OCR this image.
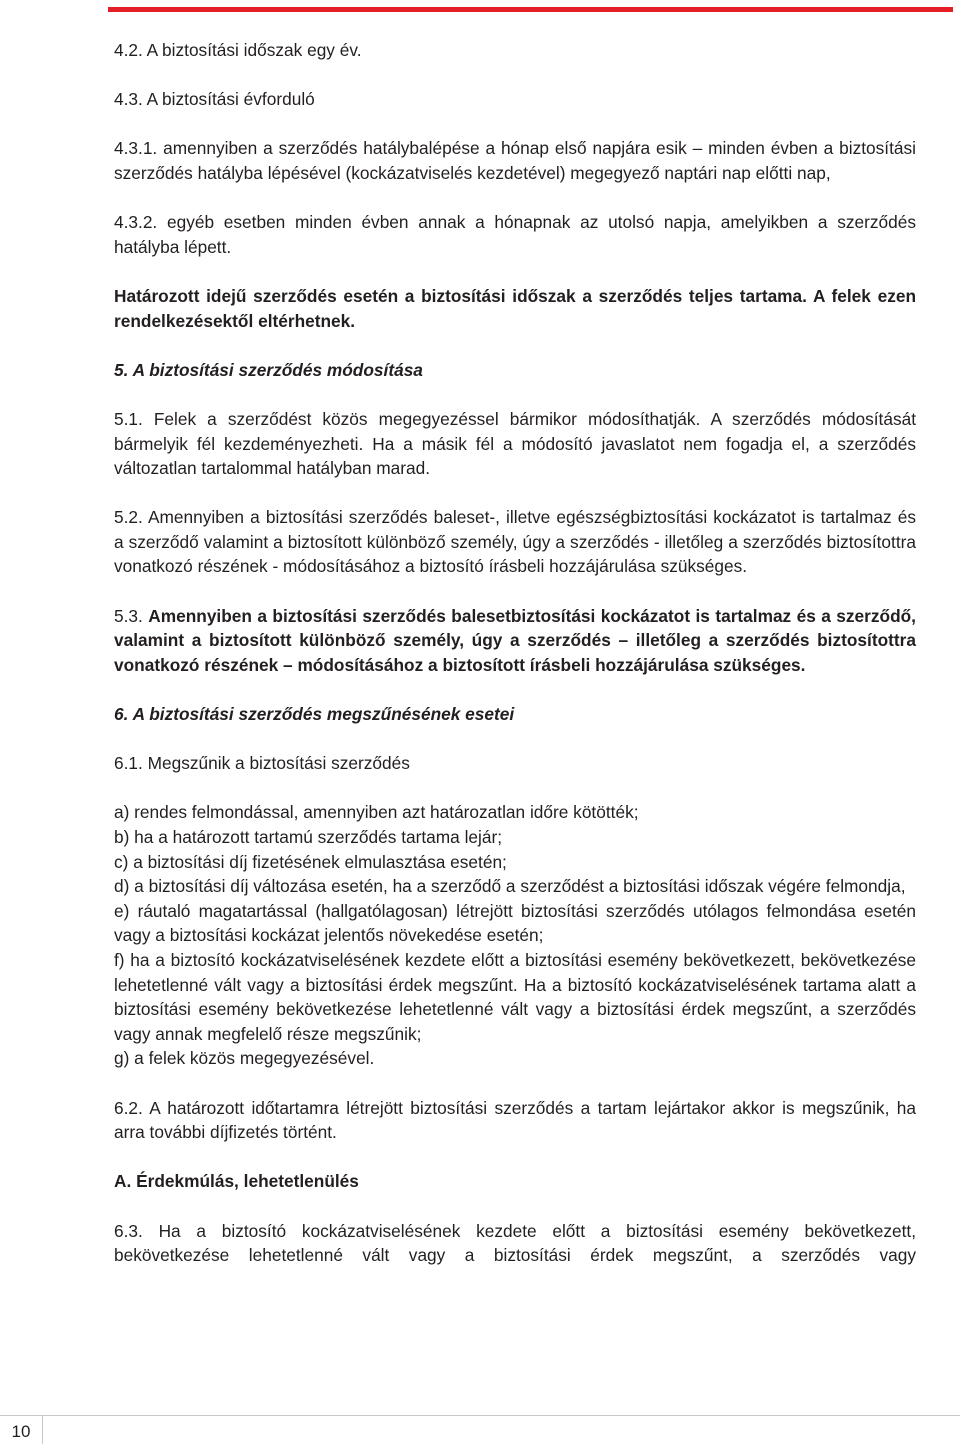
4.2. A biztosítási időszak egy év.

4.3. A biztosítási évforduló

4.3.1. amennyiben a szerződés hatálybalépése a hónap első napjára esik – minden évben a biztosítási szerződés hatályba lépésével (kockázatviselés kezdetével) megegyező naptári nap előtti nap,

4.3.2. egyéb esetben minden évben annak a hónapnak az utolsó napja, amelyikben a szerződés hatályba lépett.

Határozott idejű szerződés esetén a biztosítási időszak a szerződés teljes tartama. A felek ezen rendelkezésektől eltérhetnek.

5. A biztosítási szerződés módosítása

5.1. Felek a szerződést közös megegyezéssel bármikor módosíthatják. A szerződés módosítását bármelyik fél kezdeményezheti. Ha a másik fél a módosító javaslatot nem fogadja el, a szerződés változatlan tartalommal hatályban marad.

5.2. Amennyiben a biztosítási szerződés baleset-, illetve egészségbiztosítási kockázatot is tartalmaz és a szerződő valamint a biztosított különböző személy, úgy a szerződés - illetőleg a szerződés biztosítottra vonatkozó részének - módosításához a biztosító írásbeli hozzájárulása szükséges.

5.3. Amennyiben a biztosítási szerződés balesetbiztosítási kockázatot is tartalmaz és a szerződő, valamint a biztosított különböző személy, úgy a szerződés – illetőleg a szerződés biztosítottra vonatkozó részének – módosításához a biztosított írásbeli hozzájárulása szükséges.

6. A biztosítási szerződés megszűnésének esetei

6.1. Megszűnik a biztosítási szerződés

a) rendes felmondással, amennyiben azt határozatlan időre kötötték;

b) ha a határozott tartamú szerződés tartama lejár;

c) a biztosítási díj fizetésének elmulasztása esetén;

d) a biztosítási díj változása esetén, ha a szerződő a szerződést a biztosítási időszak végére felmondja,

e) ráutaló magatartással (hallgatólagosan) létrejött biztosítási szerződés utólagos felmondása esetén vagy a biztosítási kockázat jelentős növekedése esetén;

f) ha a biztosító kockázatviselésének kezdete előtt a biztosítási esemény bekövetkezett, bekövetkezése lehetetlenné vált vagy a biztosítási érdek megszűnt. Ha a biztosító kockázatviselésének tartama alatt a biztosítási esemény bekövetkezése lehetetlenné vált vagy a biztosítási érdek megszűnt, a szerződés vagy annak megfelelő része megszűnik;

g) a felek közös megegyezésével.

6.2. A határozott időtartamra létrejött biztosítási szerződés a tartam lejártakor akkor is megszűnik, ha arra további díjfizetés történt.

A. Érdekmúlás, lehetetlenülés

6.3. Ha a biztosító kockázatviselésének kezdete előtt a biztosítási esemény bekövetkezett, bekövetkezése lehetetlenné vált vagy a biztosítási érdek megszűnt, a szerződés vagy

10
